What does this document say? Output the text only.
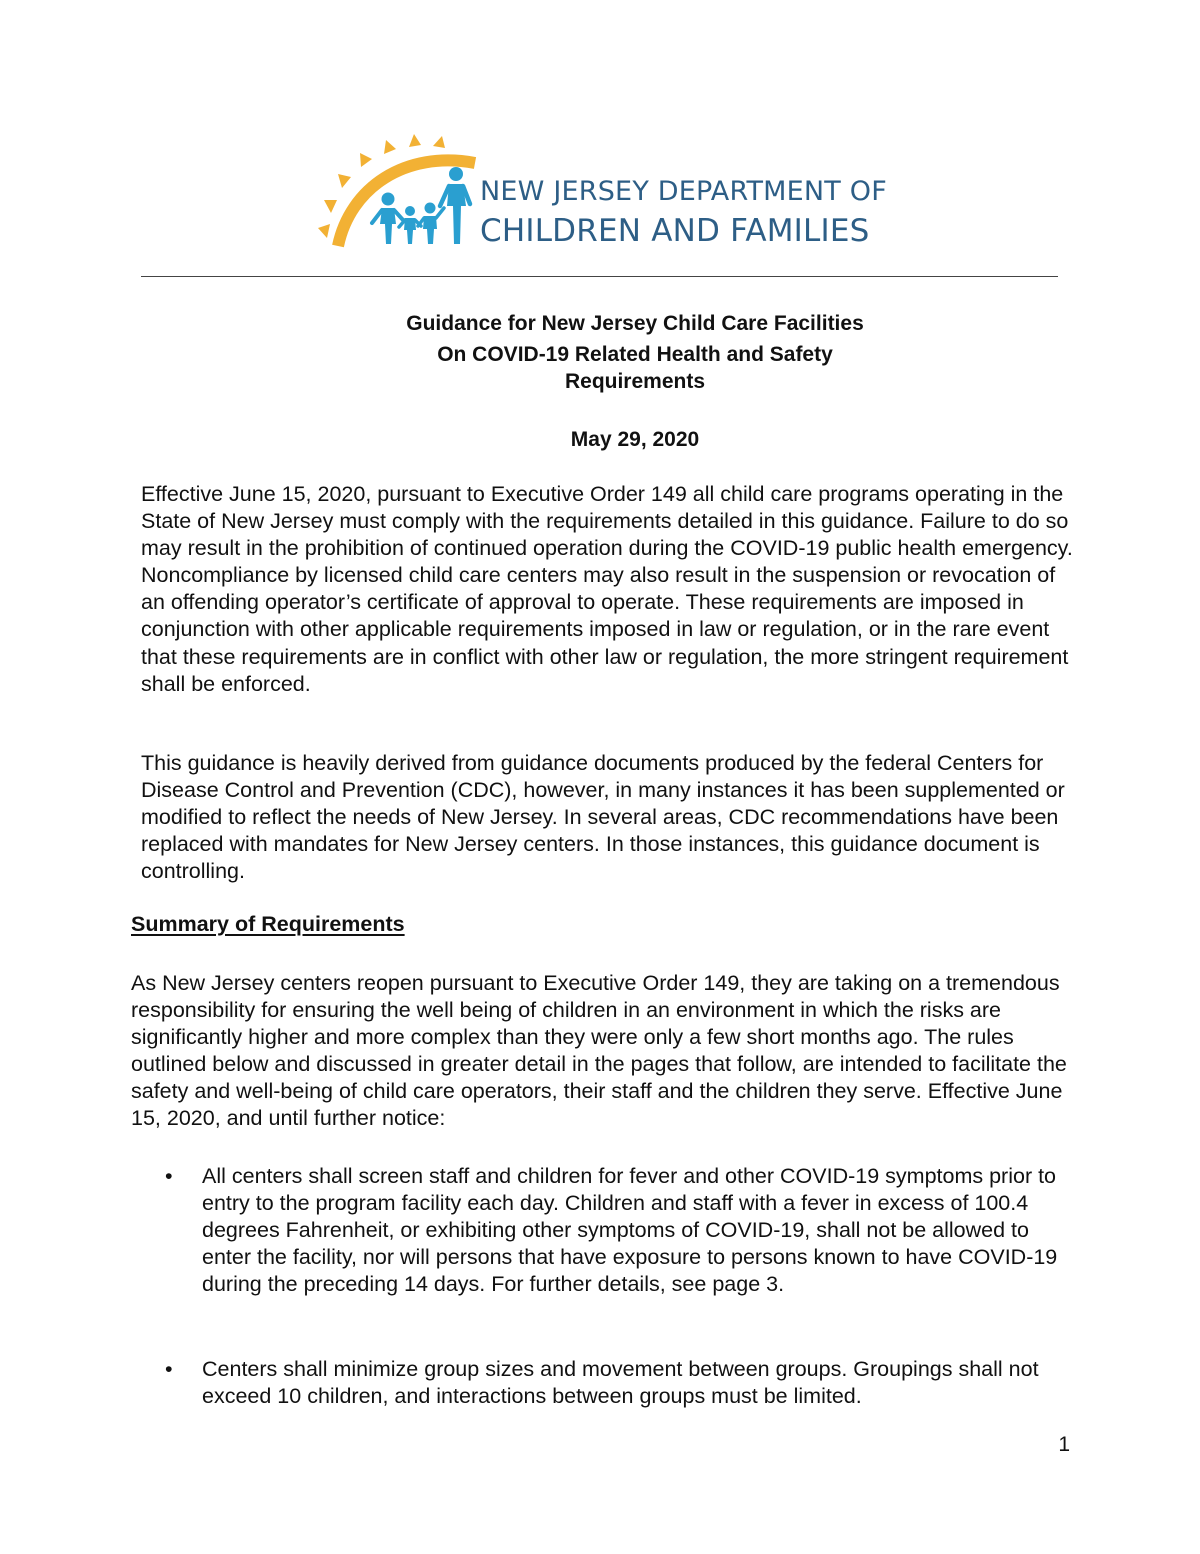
NEW JERSEY DEPARTMENT OF
CHILDREN AND FAMILIES
Guidance for New Jersey Child Care Facilities
On COVID-19 Related Health and Safety
Requirements
May 29, 2020

Effective June 15, 2020, pursuant to Executive Order 149 all child care programs operating in the State of New Jersey must comply with the requirements detailed in this guidance. Failure to do so may result in the prohibition of continued operation during the COVID-19 public health emergency. Noncompliance by licensed child care centers may also result in the suspension or revocation of an offending operator’s certificate of approval to operate. These requirements are imposed in conjunction with other applicable requirements imposed in law or regulation, or in the rare event that these requirements are in conflict with other law or regulation, the more stringent requirement shall be enforced.

This guidance is heavily derived from guidance documents produced by the federal Centers for Disease Control and Prevention (CDC), however, in many instances it has been supplemented or modified to reflect the needs of New Jersey. In several areas, CDC recommendations have been replaced with mandates for New Jersey centers. In those instances, this guidance document is controlling.

Summary of Requirements

As New Jersey centers reopen pursuant to Executive Order 149, they are taking on a tremendous responsibility for ensuring the well being of children in an environment in which the risks are significantly higher and more complex than they were only a few short months ago. The rules outlined below and discussed in greater detail in the pages that follow, are intended to facilitate the safety and well-being of child care operators, their staff and the children they serve. Effective June 15, 2020, and until further notice:

• All centers shall screen staff and children for fever and other COVID-19 symptoms prior to entry to the program facility each day. Children and staff with a fever in excess of 100.4 degrees Fahrenheit, or exhibiting other symptoms of COVID-19, shall not be allowed to enter the facility, nor will persons that have exposure to persons known to have COVID-19 during the preceding 14 days. For further details, see page 3.

• Centers shall minimize group sizes and movement between groups. Groupings shall not exceed 10 children, and interactions between groups must be limited.

1
